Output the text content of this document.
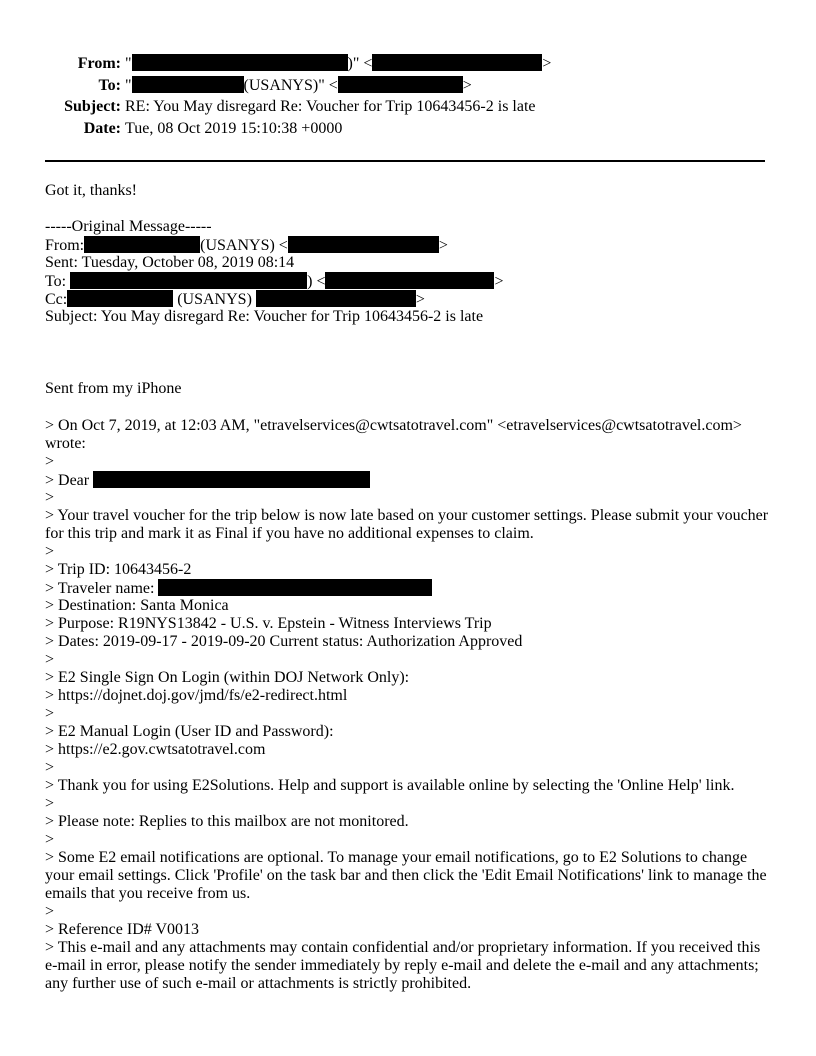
From: "	)" <	>
To: "	(USANYS)" <	>
Subject: RE: You May disregard Re: Voucher for Trip 10643456-2 is late
Date: Tue, 08 Oct 2019 15:10:38 +0000
Got it, thanks!
-----Original Message-----
From:	(USANYS) <	>
Sent: Tuesday, October 08, 2019 08:14
To:	) <	>
Cc:	(USANYS)	>
Subject: You May disregard Re: Voucher for Trip 10643456-2 is late
Sent from my iPhone
> On Oct 7, 2019, at 12:03 AM, "etravelservices@cwtsatotravel.com" <etravelservices@cwtsatotravel.com>
wrote:
>
> Dear
>
> Your travel voucher for the trip below is now late based on your customer settings. Please submit your voucher
for this trip and mark it as Final if you have no additional expenses to claim.
>
> Trip ID: 10643456-2
> Traveler name:
> Destination: Santa Monica
> Purpose: R19NYS13842 - U.S. v. Epstein - Witness Interviews Trip
> Dates: 2019-09-17 - 2019-09-20 Current status: Authorization Approved
>
> E2 Single Sign On Login (within DOJ Network Only):
> https://dojnet.doj.gov/jmd/fs/e2-redirect.html
>
> E2 Manual Login (User ID and Password):
> https://e2.gov.cwtsatotravel.com
>
> Thank you for using E2Solutions. Help and support is available online by selecting the 'Online Help' link.
>
> Please note: Replies to this mailbox are not monitored.
>
> Some E2 email notifications are optional. To manage your email notifications, go to E2 Solutions to change
your email settings. Click 'Profile' on the task bar and then click the 'Edit Email Notifications' link to manage the
emails that you receive from us.
>
> Reference ID# V0013
> This e-mail and any attachments may contain confidential and/or proprietary information. If you received this
e-mail in error, please notify the sender immediately by reply e-mail and delete the e-mail and any attachments;
any further use of such e-mail or attachments is strictly prohibited.
